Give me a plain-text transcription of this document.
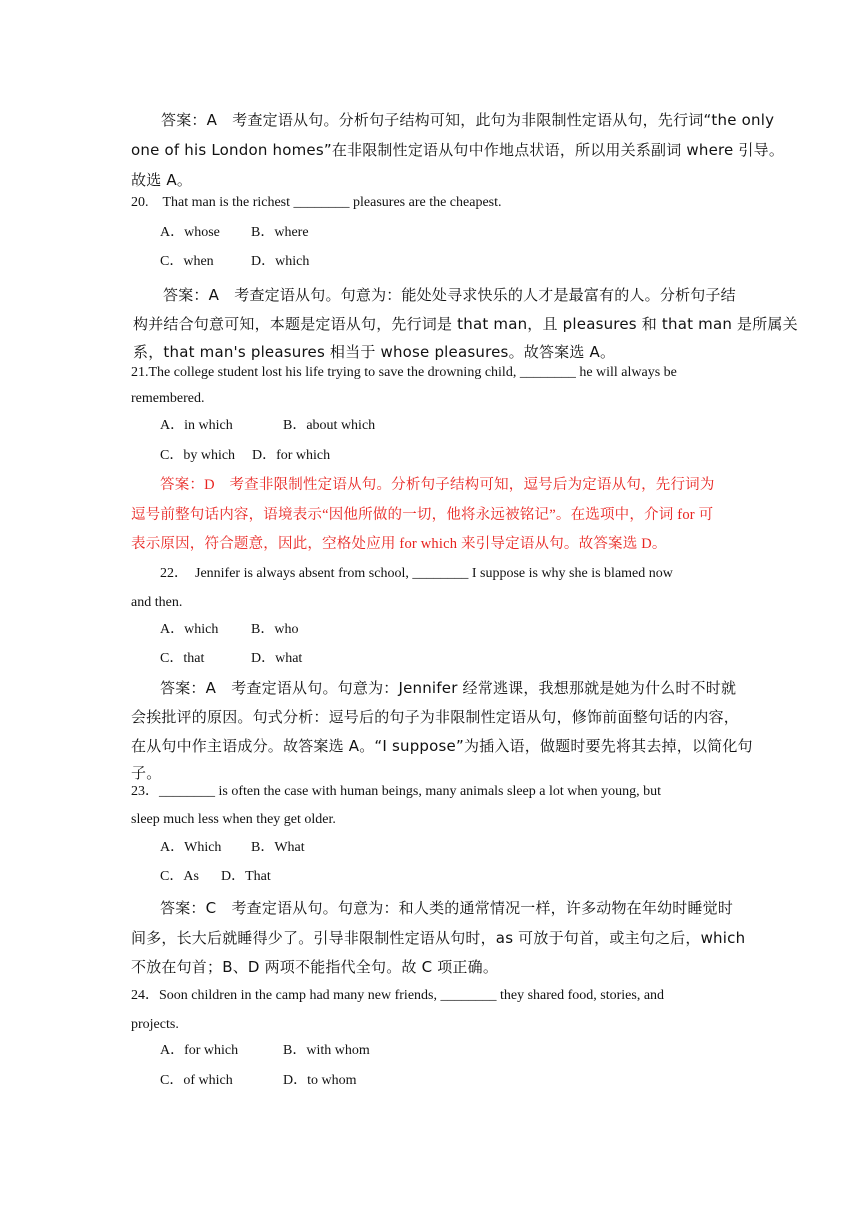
答案：A　考查定语从句。分析句子结构可知，此句为非限制性定语从句，先行词“the only
one of his London homes”在非限制性定语从句中作地点状语，所以用关系副词 where 引导。
故选 A。
20.　That man is the richest ________ pleasures are the cheapest.
A．whose B．where
C．when	D．which
答案：A　考查定语从句。句意为：能处处寻求快乐的人才是最富有的人。分析句子结
构并结合句意可知，本题是定语从句，先行词是 that man，且 pleasures 和 that man 是所属关
系，that man's pleasures 相当于 whose pleasures。故答案选 A。
21.The college student lost his life trying to save the drowning child, ________ he will always be
remembered.
A．in which	B．about which
C．by which D．for which
答案：D　考查非限制性定语从句。分析句子结构可知，逗号后为定语从句，先行词为
逗号前整句话内容，语境表示“因他所做的一切，他将永远被铭记”。在选项中，介词 for 可
表示原因，符合题意，因此，空格处应用 for which 来引导定语从句。故答案选 D。
22．　Jennifer is always absent from school, ________ I suppose is why she is blamed now
and then.
A．which B．who
C．that	D．what
答案：A　考查定语从句。句意为：Jennifer 经常逃课，我想那就是她为什么时不时就
会挨批评的原因。句式分析：逗号后的句子为非限制性定语从句，修饰前面整句话的内容，
在从句中作主语成分。故答案选 A。“I suppose”为插入语，做题时要先将其去掉，以简化句
子。
23．________ is often the case with human beings, many animals sleep a lot when young, but
sleep much less when they get older.
A．Which B．What
C．As D．That
答案：C　考查定语从句。句意为：和人类的通常情况一样，许多动物在年幼时睡觉时
间多，长大后就睡得少了。引导非限制性定语从句时，as 可放于句首，或主句之后，which
不放在句首；B、D 两项不能指代全句。故 C 项正确。
24．Soon children in the camp had many new friends, ________ they shared food, stories, and
projects.
A．for which	B．with whom
C．of which	D．to whom
